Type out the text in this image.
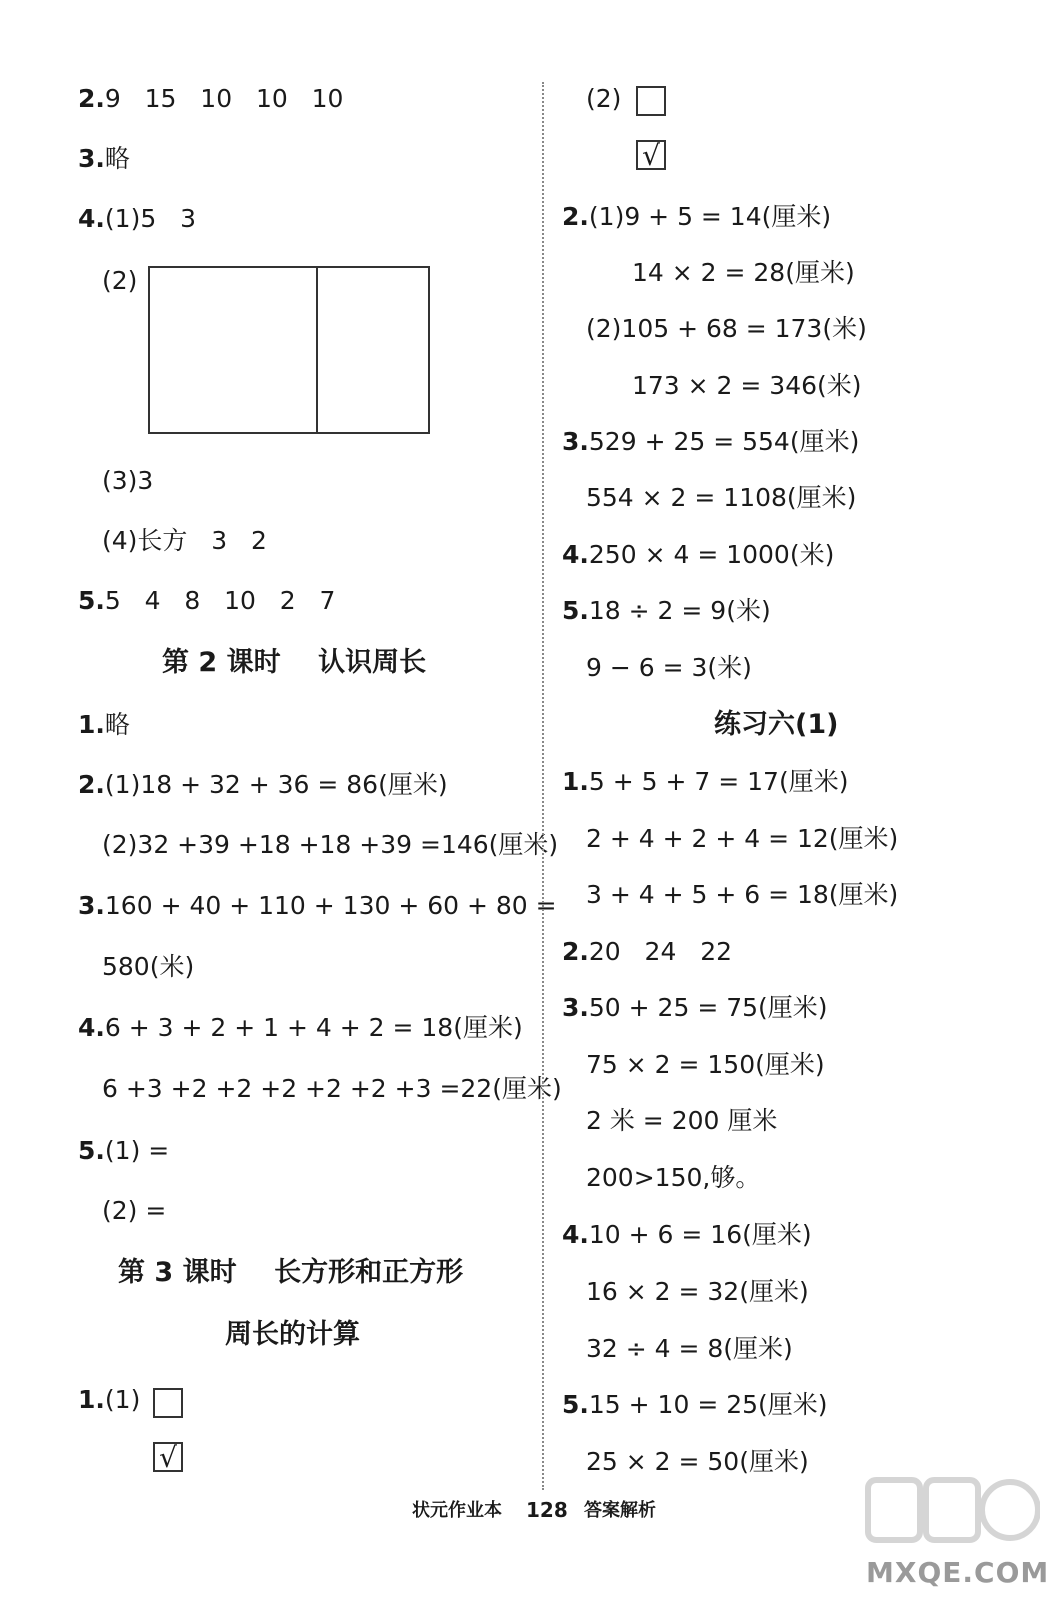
2.9   15   10   10   10
3.略
4.(1)5   3
(2)
(3)3
(4)长方   3   2
5.5   4   8   10   2   7
第 2 课时    认识周长
1.略
2.(1)18 + 32 + 36 = 86(厘米)
(2)32 +39 +18 +18 +39 =146(厘米)
3.160 + 40 + 110 + 130 + 60 + 80 =
580(米)
4.6 + 3 + 2 + 1 + 4 + 2 = 18(厘米)
6 +3 +2 +2 +2 +2 +2 +3 =22(厘米)
5.(1) =
(2) =
第 3 课时    长方形和正方形
周长的计算
1.(1)
√
(2)
√
2.(1)9 + 5 = 14(厘米)
14 × 2 = 28(厘米)
(2)105 + 68 = 173(米)
173 × 2 = 346(米)
3.529 + 25 = 554(厘米)
554 × 2 = 1108(厘米)
4.250 × 4 = 1000(米)
5.18 ÷ 2 = 9(米)
9 − 6 = 3(米)
练习六(1)
1.5 + 5 + 7 = 17(厘米)
2 + 4 + 2 + 4 = 12(厘米)
3 + 4 + 5 + 6 = 18(厘米)
2.20   24   22
3.50 + 25 = 75(厘米)
75 × 2 = 150(厘米)
2 米 = 200 厘米
200>150,够。
4.10 + 6 = 16(厘米)
16 × 2 = 32(厘米)
32 ÷ 4 = 8(厘米)
5.15 + 10 = 25(厘米)
25 × 2 = 50(厘米)
状元作业本 128 答案解析
MXQE.COM
